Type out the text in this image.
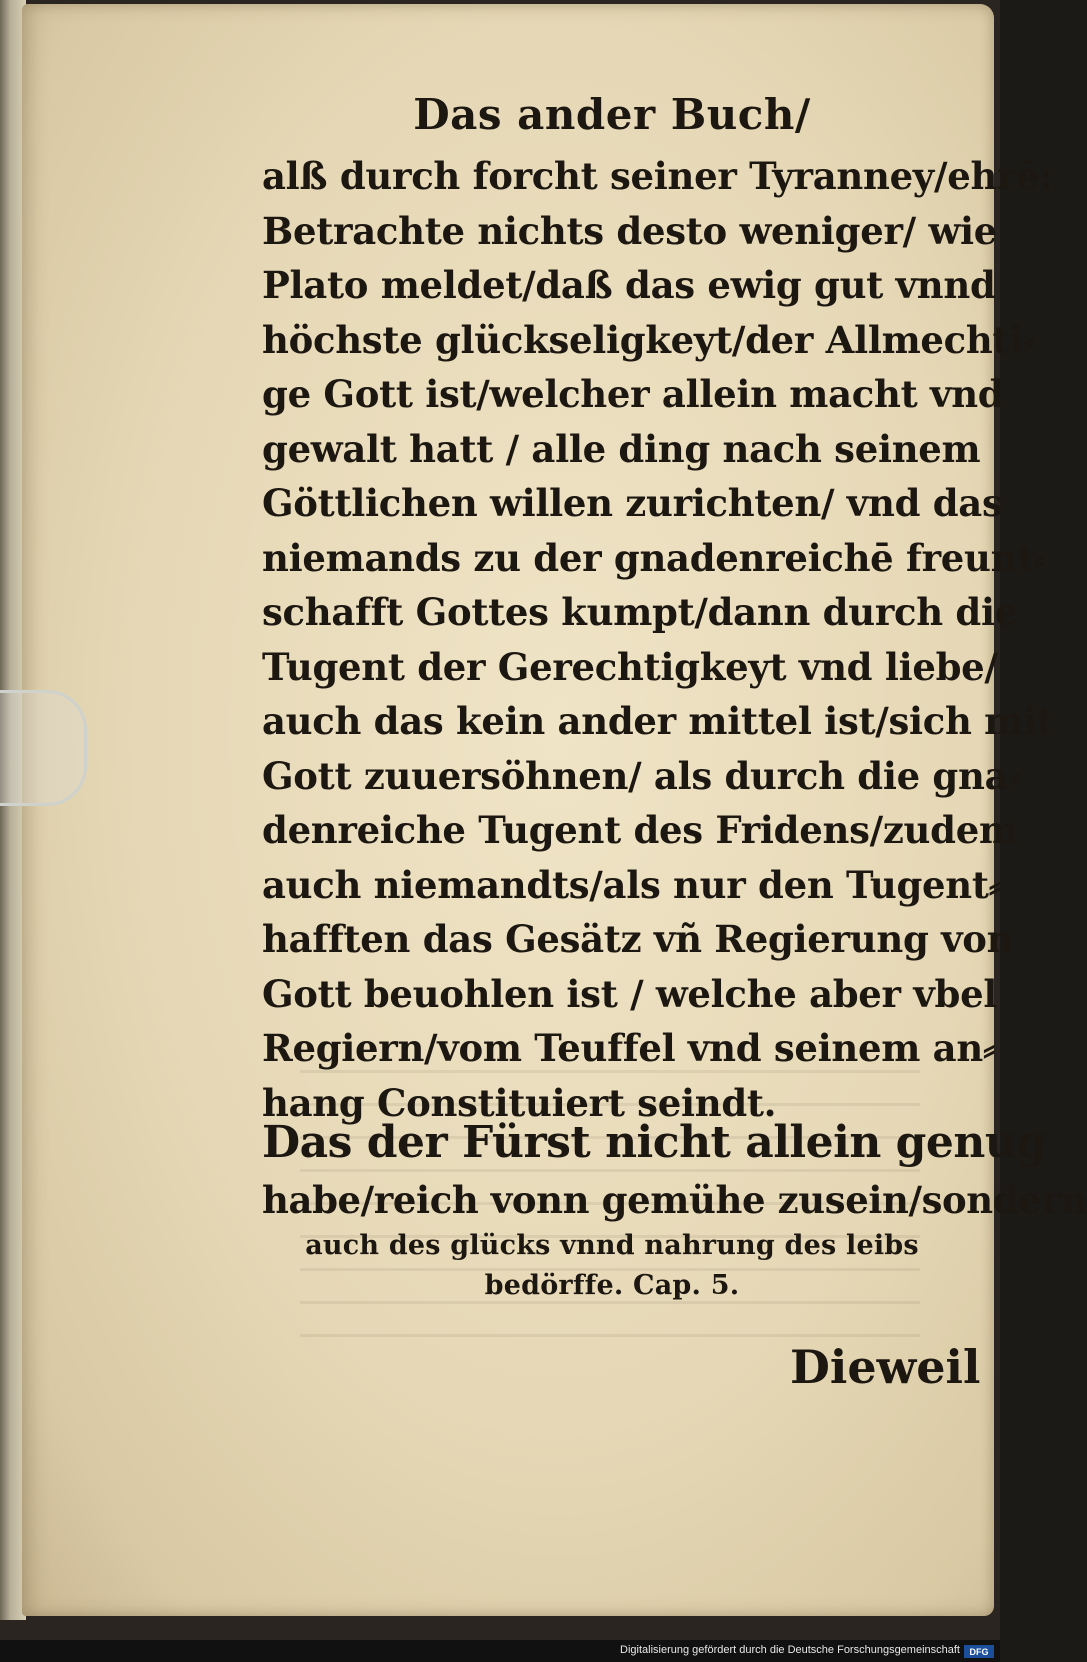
Das ander Buch/
alß durch forcht seiner Tyranney/ehrē:
Betrachte nichts desto weniger/ wie
Plato meldet/daß das ewig gut vnnd
höchste glückseligkeyt/der Allmechti⸗
ge Gott ist/welcher allein macht vnd
gewalt hatt / alle ding nach seinem
Göttlichen willen zurichten/ vnd das
niemands zu der gnadenreichē freunt⸗
schafft Gottes kumpt/dann durch die
Tugent der Gerechtigkeyt vnd liebe/
auch das kein ander mittel ist/sich mit
Gott zuuersöhnen/ als durch die gna⸗
denreiche Tugent des Fridens/zudem
auch niemandts/als nur den Tugent⸗
hafften das Gesätz vñ Regierung von
Gott beuohlen ist / welche aber vbel
Regiern/vom Teuffel vnd seinem an⸗
hang Constituiert seindt.
Das der Fürst nicht allein genug
habe/reich vonn gemühe zusein/sondern
auch des glücks vnnd nahrung des leibs
bedörffe. Cap. 5.
Dieweil
Digitalisierung gefördert durch die Deutsche Forschungsgemeinschaft	DFG
